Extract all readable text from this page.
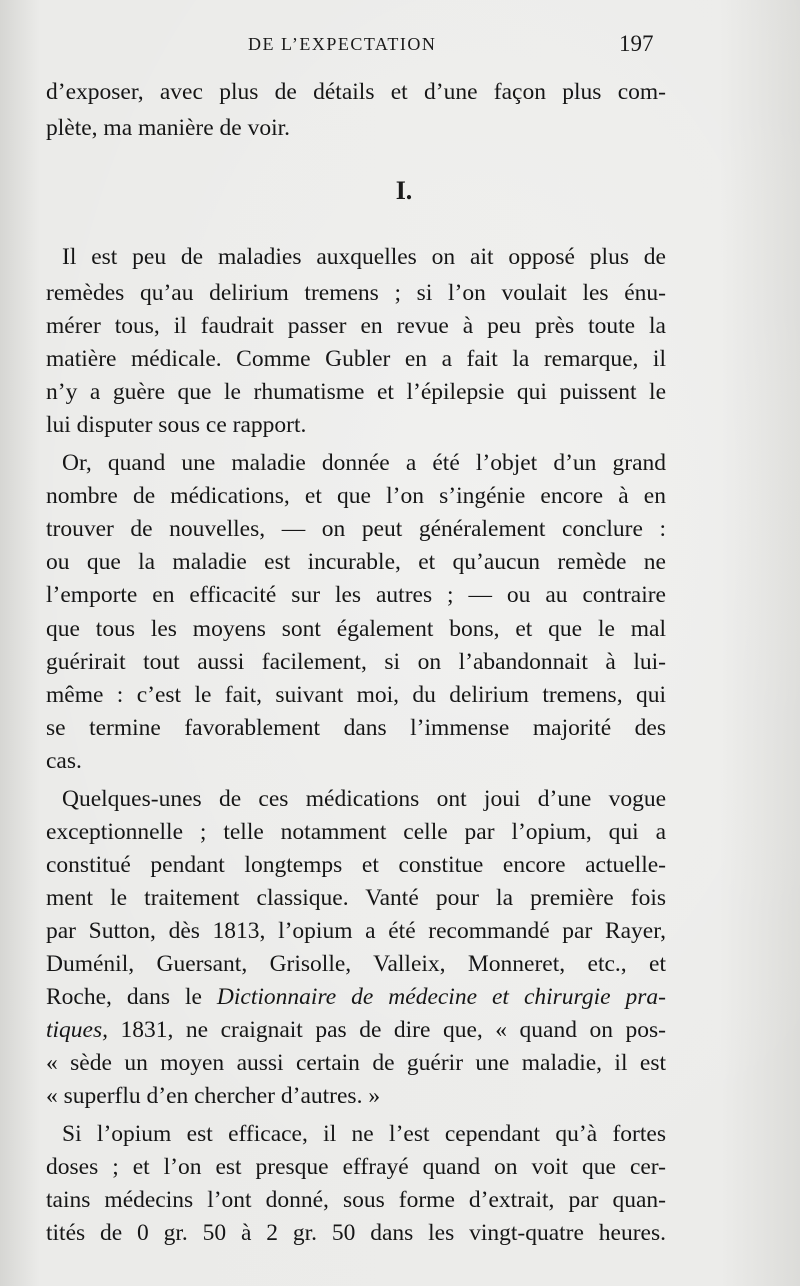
DE L’EXPECTATION	197
d’exposer, avec plus de détails et d’une façon plus com-
plète, ma manière de voir.
I.
Il est peu de maladies auxquelles on ait opposé plus de
remèdes qu’au delirium tremens ; si l’on voulait les énu-
mérer tous, il faudrait passer en revue à peu près toute la
matière médicale. Comme Gubler en a fait la remarque, il
n’y a guère que le rhumatisme et l’épilepsie qui puissent le
lui disputer sous ce rapport.
Or, quand une maladie donnée a été l’objet d’un grand
nombre de médications, et que l’on s’ingénie encore à en
trouver de nouvelles, — on peut généralement conclure :
ou que la maladie est incurable, et qu’aucun remède ne
l’emporte en efficacité sur les autres ; — ou au contraire
que tous les moyens sont également bons, et que le mal
guérirait tout aussi facilement, si on l’abandonnait à lui-
même : c’est le fait, suivant moi, du delirium tremens, qui
se termine favorablement dans l’immense majorité des
cas.
Quelques-unes de ces médications ont joui d’une vogue
exceptionnelle ; telle notamment celle par l’opium, qui a
constitué pendant longtemps et constitue encore actuelle-
ment le traitement classique. Vanté pour la première fois
par Sutton, dès 1813, l’opium a été recommandé par Rayer,
Duménil, Guersant, Grisolle, Valleix, Monneret, etc., et
Roche, dans le Dictionnaire de médecine et chirurgie pra-
tiques, 1831, ne craignait pas de dire que, « quand on pos-
« sède un moyen aussi certain de guérir une maladie, il est
« superflu d’en chercher d’autres. »
Si l’opium est efficace, il ne l’est cependant qu’à fortes
doses ; et l’on est presque effrayé quand on voit que cer-
tains médecins l’ont donné, sous forme d’extrait, par quan-
tités de 0 gr. 50 à 2 gr. 50 dans les vingt-quatre heures.
